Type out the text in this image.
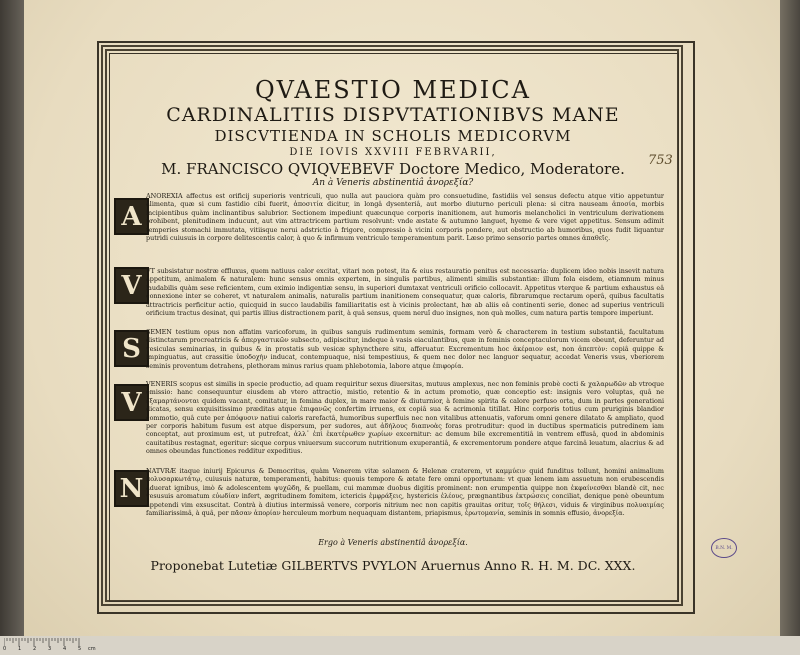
QVAESTIO MEDICA
CARDINALITIIS DISPVTATIONIBVS MANE
DISCVTIENDA IN SCHOLIS MEDICORVM
DIE IOVIS XXVIII FEBRVARII,
M. FRANCISCO QVIQVEBEVF Doctore Medico, Moderatore.	753
An à Veneris abstinentiâ ἀνορεξία?
A
ANOREXIA affectus est orificij superioris ventriculi, quo nulla aut pauciora quàm pro consuetudine, fastidiis vel sensus defectu atque vitio appetuntur alimenta, quæ si cum fastidio cibi fuerit, ἀποσιτία dicitur, in longâ dysenteriâ, aut morbo diuturno periculi plena: si citra nauseam ἀποσία, morbis incipientibus quàm inclinantibus salubrior. Sectionem impediunt quæcunque corporis inanitionem, aut humoris melancholici in ventriculum derivationem prohibent, plenitudinem inducunt, aut vim attractricem partium resolvunt: vnde æstate & autumno languet, hyeme & vere viget appetitus. Sensum adimit temperies stomachi immutata, vitiisque nerui adstrictio à frigore, compressio à vicini corporis pondere, aut obstructio ab humoribus, quos fudit liquantur putridi cuiusuis in corpore delitescentis calor, à quo & infirmum ventriculo temperamentum parit. Læso primo sensorio partes omnes ἀπαθεῖς.
V VT subsistatur nostræ effluxus, quem natiuus calor excitat, vitari non potest, ita & eius restauratio penitus est necessaria: duplicem ideo nobis insevit natura appetitum, animalem & naturalem: hunc sensus omnis expertem, in singulis partibus, alimenti similis substantiæ: illum fola eisdem, etiamnum minus laudabilis quàm sese reficientem, cum eximio indigentiæ sensu, in superiori dumtaxat ventriculi orificio collocavit. Appetitus vterque & partium exhaustus eâ connexione inter se coheret, vt naturalem animalis, naturalis partium inanitionem consequatur, quæ caloris, fibrarumque rectarum operâ, quibus facultatis attractricis perficitur actio, quicquid in succo laudabilis familiaritatis est à vicinis prolectant, hæ ab aliis eâ continenti serie, donec ad superius ventriculi orificium tractus desinat, qui partis illius distractionem parit, à quâ sensus, quem neruî duo insignes, non quà molles, cum natura partis tempore imperiunt.
S
SEMEN testium opus non affatim varicoforum, in quibus sanguis rudimentum seminis, formam verò & characterem in testium substantiâ, facultatum distinctarum procreatricis & ἀπεργαστικῶν subsecto, adipiscitur, indeque à vasis eiaculantibus, quæ in feminis conceptaculorum vicem obeunt, deferuntur ad vesiculas seminarias, in quibus & in prostatis sub vesicæ sphyncthere situ, afferuatur. Excrementum hoc ἀκέραιον est, non ἀπεπτὸν: copiâ quippe & impinguatus, aut crassitie ὑποδοχὴν inducat, contempuaque, nisi tempestiuus, & quem nec dolor nec languor sequatur, accedat Veneris vsus, vberiorem seminis proventum detrahens, plethoram minus rarius quam phlebotomia, labore atque ἐπιφορία.
V
VENERIS scopus est similis in specie productio, ad quam requiritur sexus diuersitas, mutuus amplexus, nec non feminis probè cocti & χαλαρωδῶν ab vtroque emissio: hanc consequuntur eiusdem ab vtero attractio, mistio, retentio & in actum promotio, quæ conceptio est: insignis vero voluptas, quâ ne ἐξαμαρτάνονται quidem vacant, comitatur, in femina duplex, in mare maior & diuturnior, à femine spirita & calore perfuso orta, dum in partes generationi dicatas, sensu exquisitissimo præditas atque ἐπιφανῶς confertim irruens, ex copiâ sua & acrimonia titillat. Hinc corporis totius cum pruriginis blandior commotio, quâ cute per ἀπόφυσιν natiui caloris rarefactâ, humoribus superfluis nec non vitalibus attenuatis, vaforum omni genere dilatato & ampliato, quod per corporis habitum fusum est atque dispersum, per sudores, aut ἀδήλους διαπνοὰς foras protruditur: quod in ductibus spermaticis putredinem iam conceptat, aut proximum est, ut putrefcat, ἀλλ᾽ ἐπὶ ἑκατέρωθεν χωρίων excernitur: ac demum bile excrementitiâ in ventrem effusâ, quod in abdominis cauitatibus restagnat, egeritur: sicque corpus vniuersum succorum nutritionum exuperantiâ, & excrementorum pondere atque farcinâ leuatum, alacrius & ad omnes obeundas functiones redditur expeditius.
N
NATVRÆ itaque iniurij Epicurus & Democritus, quàm Venerem vitæ solamen & Helenæ craterem, vt καμμύειν quid funditus tollunt, homini animalium πολυσαρκωτάτῳ, cuiusuis naturæ, temperamenti, habitus: quouis tempore & ætate fere omni opportunam: vt quæ lenem iam assuetum non erubescendis aduerat ignibus, imò & adolescentem ψυχῶδη, & puellam, cui mammæ duobus digitis prominent: non erumpentia quippe non ἐκφαίνεσθαι blandè cit, nec vesusuis aromatum εὐωδίαν infert, ægritudinem fomitem, ictericis ἐμφράξεις, hystericis ἐλέους, prægnantibus ἐκτρώσεις conciliat, denique penè obeuntum appetendi vim exsuscitat. Contrà à diutius intermissâ venere, corporis nitrium nec non capitis grauitas oritur, τοῖς θήλεσι, viduis & virginibus πολυαιμίας familiarissimâ, à quâ, per πᾶσαν ἀπορίαν herculeum morbum nequaquam distantem, priapismus, ἐρωτομανία, seminis in somnis effusio, ἀνορεξία.
Ergo à Veneris abstinentiâ ἀνορεξία.
Proponebat Lutetiæ GILBERTVS PVYLON Aruernus Anno R. H. M. DC. XXX.
B.N. M.
0 1 2 3 4 5 cm
